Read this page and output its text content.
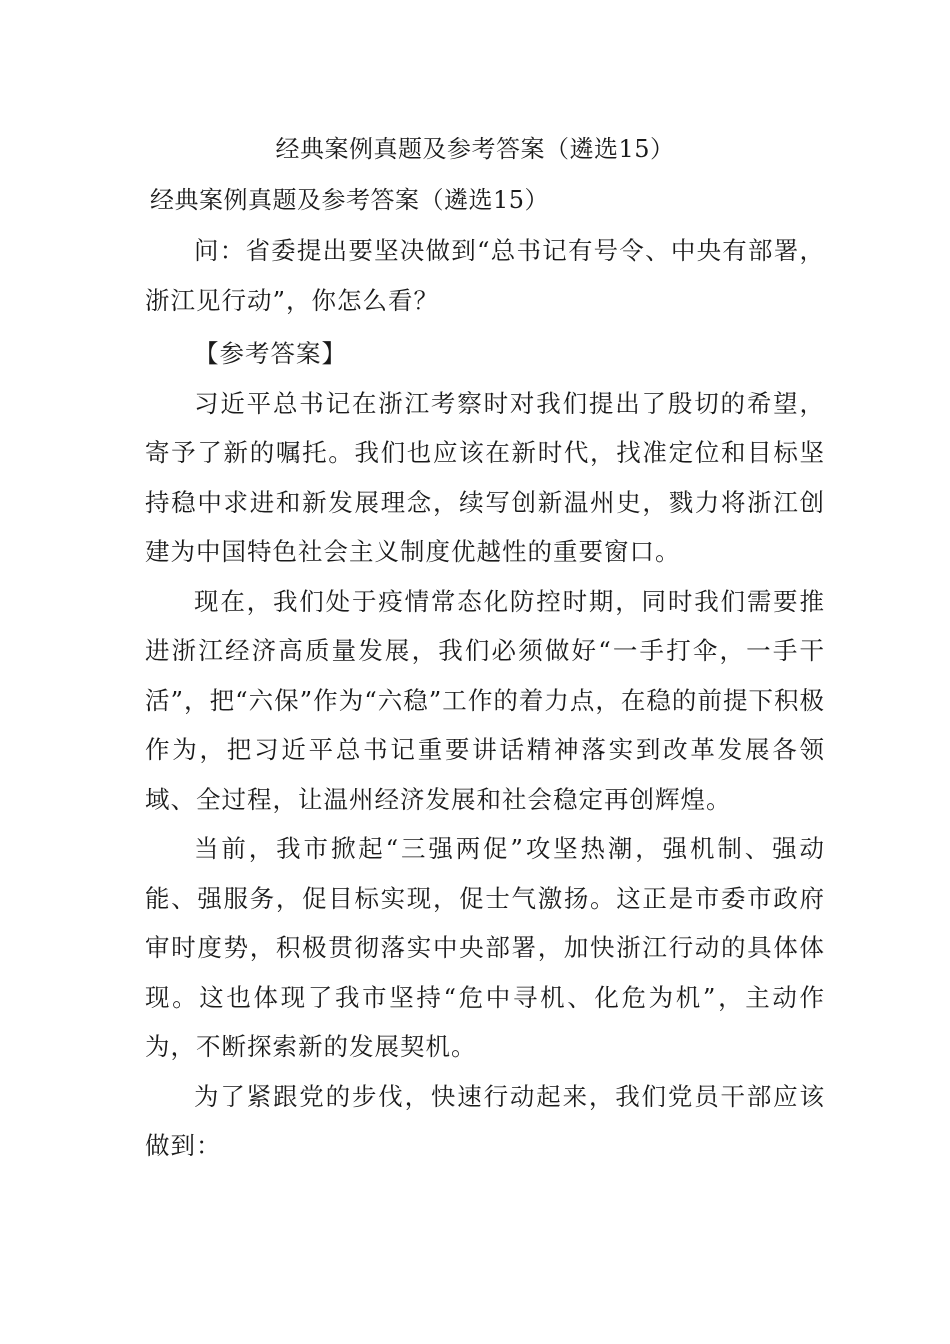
经典案例真题及参考答案（遴选15）
经典案例真题及参考答案（遴选15）

问：省委提出要坚决做到“总书记有号令、中央有部署，浙江见行动”，你怎么看？

【参考答案】

习近平总书记在浙江考察时对我们提出了殷切的希望，寄予了新的嘱托。我们也应该在新时代，找准定位和目标坚持稳中求进和新发展理念，续写创新温州史，戮力将浙江创建为中国特色社会主义制度优越性的重要窗口。

现在，我们处于疫情常态化防控时期，同时我们需要推进浙江经济高质量发展，我们必须做好“一手打伞，一手干活”，把“六保”作为“六稳”工作的着力点，在稳的前提下积极作为，把习近平总书记重要讲话精神落实到改革发展各领域、全过程，让温州经济发展和社会稳定再创辉煌。

当前，我市掀起“三强两促”攻坚热潮，强机制、强动能、强服务，促目标实现，促士气激扬。这正是市委市政府审时度势，积极贯彻落实中央部署，加快浙江行动的具体体现。这也体现了我市坚持“危中寻机、化危为机”，主动作为，不断探索新的发展契机。

为了紧跟党的步伐，快速行动起来，我们党员干部应该做到：
